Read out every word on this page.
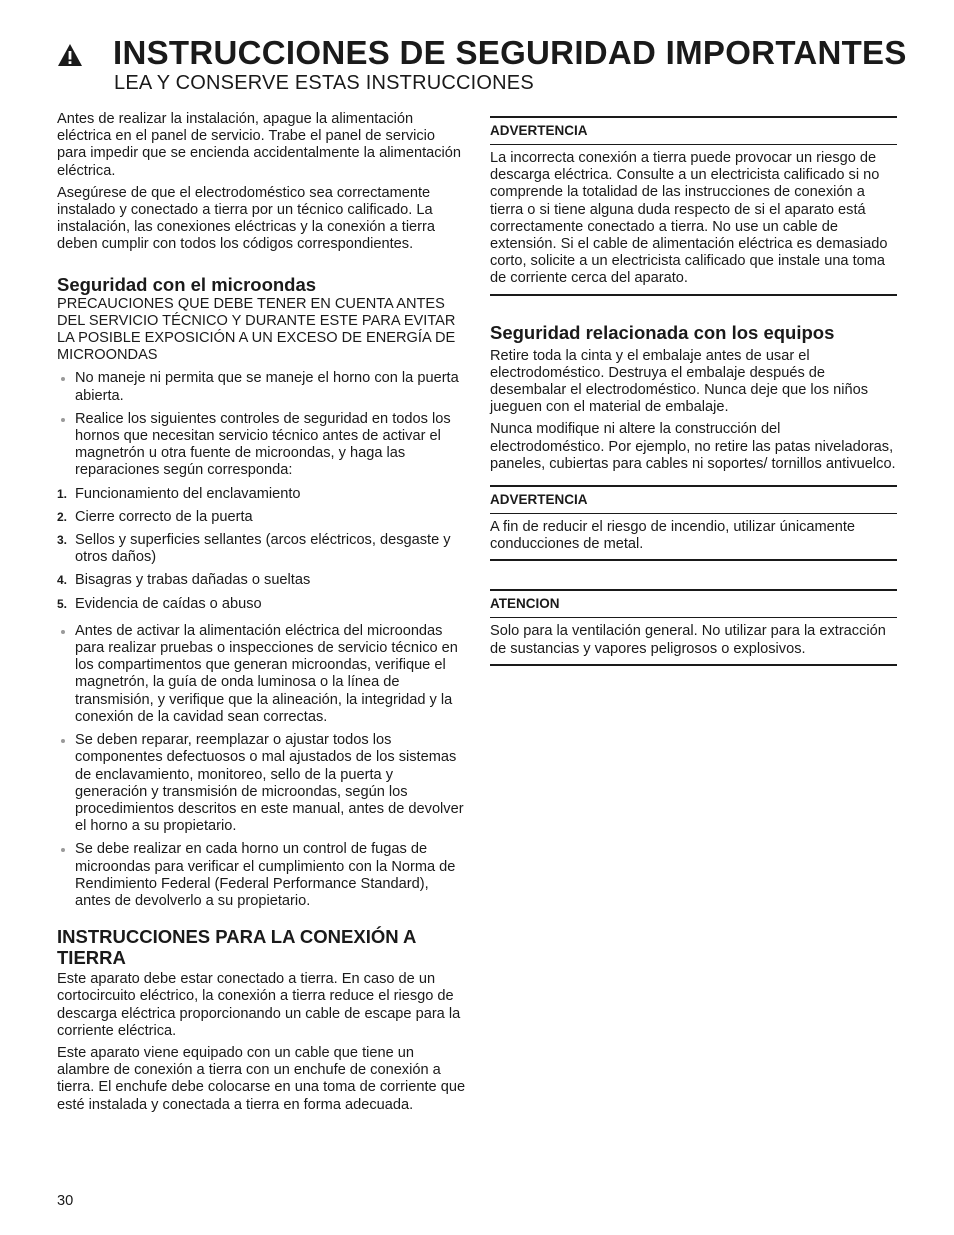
INSTRUCCIONES DE SEGURIDAD IMPORTANTES
LEA Y CONSERVE ESTAS INSTRUCCIONES

Antes de realizar la instalación, apague la alimentación eléctrica en el panel de servicio. Trabe el panel de servicio para impedir que se encienda accidentalmente la alimentación eléctrica.

Asegúrese de que el electrodoméstico sea correctamente instalado y conectado a tierra por un técnico calificado. La instalación, las conexiones eléctricas y la conexión a tierra deben cumplir con todos los códigos correspondientes.

Seguridad con el microondas

PRECAUCIONES QUE DEBE TENER EN CUENTA ANTES DEL SERVICIO TÉCNICO Y DURANTE ESTE PARA EVITAR LA POSIBLE EXPOSICIÓN A UN EXCESO DE ENERGÍA DE MICROONDAS

No maneje ni permita que se maneje el horno con la puerta abierta.
Realice los siguientes controles de seguridad en todos los hornos que necesitan servicio técnico antes de activar el magnetrón u otra fuente de microondas, y haga las reparaciones según corresponda:
1. Funcionamiento del enclavamiento
2. Cierre correcto de la puerta
3. Sellos y superficies sellantes (arcos eléctricos, desgaste y otros daños)
4. Bisagras y trabas dañadas o sueltas
5. Evidencia de caídas o abuso
Antes de activar la alimentación eléctrica del microondas para realizar pruebas o inspecciones de servicio técnico en los compartimentos que generan microondas, verifique el magnetrón, la guía de onda luminosa o la línea de transmisión, y verifique que la alineación, la integridad y la conexión de la cavidad sean correctas.
Se deben reparar, reemplazar o ajustar todos los componentes defectuosos o mal ajustados de los sistemas de enclavamiento, monitoreo, sello de la puerta y generación y transmisión de microondas, según los procedimientos descritos en este manual, antes de devolver el horno a su propietario.
Se debe realizar en cada horno un control de fugas de microondas para verificar el cumplimiento con la Norma de Rendimiento Federal (Federal Performance Standard), antes de devolverlo a su propietario.
INSTRUCCIONES PARA LA CONEXIÓN A TIERRA

Este aparato debe estar conectado a tierra. En caso de un cortocircuito eléctrico, la conexión a tierra reduce el riesgo de descarga eléctrica proporcionando un cable de escape para la corriente eléctrica.

Este aparato viene equipado con un cable que tiene un alambre de conexión a tierra con un enchufe de conexión a tierra. El enchufe debe colocarse en una toma de corriente que esté instalada y conectada a tierra en forma adecuada.

ADVERTENCIA

La incorrecta conexión a tierra puede provocar un riesgo de descarga eléctrica. Consulte a un electricista calificado si no comprende la totalidad de las instrucciones de conexión a tierra o si tiene alguna duda respecto de si el aparato está correctamente conectado a tierra. No use un cable de extensión. Si el cable de alimentación eléctrica es demasiado corto, solicite a un electricista calificado que instale una toma de corriente cerca del aparato.

Seguridad relacionada con los equipos

Retire toda la cinta y el embalaje antes de usar el electrodoméstico. Destruya el embalaje después de desembalar el electrodoméstico. Nunca deje que los niños jueguen con el material de embalaje.

Nunca modifique ni altere la construcción del electrodoméstico. Por ejemplo, no retire las patas niveladoras, paneles, cubiertas para cables ni soportes/ tornillos antivuelco.

ADVERTENCIA

A fin de reducir el riesgo de incendio, utilizar únicamente conducciones de metal.

ATENCION

Solo para la ventilación general. No utilizar para la extracción de sustancias y vapores peligrosos o explosivos.

30
